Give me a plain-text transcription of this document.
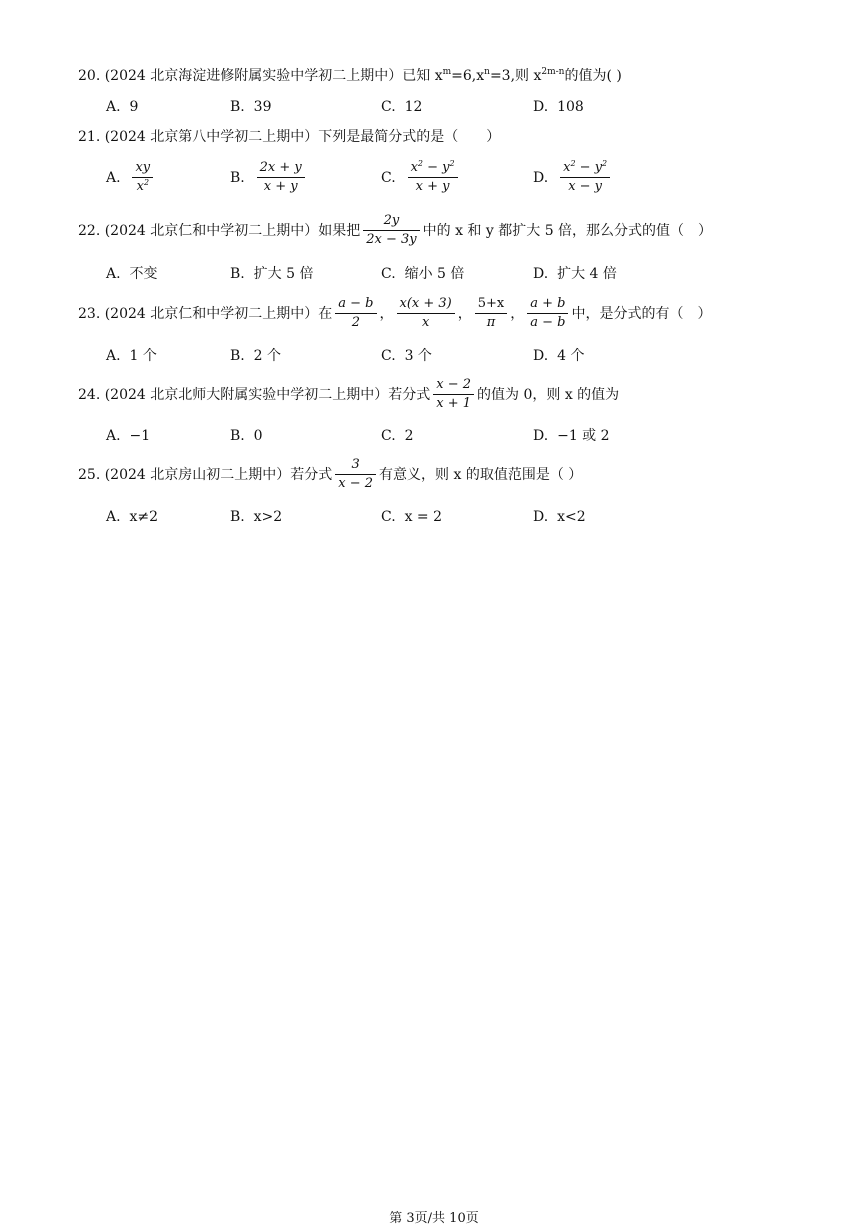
20. (2024 北京海淀进修附属实验中学初二上期中）已知 $x^m=6,x^n=3$,则 $x^{2m-n}$的值为( )
A. 9	B. 39	C. 12	D. 108
21. (2024 北京第八中学初二上期中）下列是最简分式的是（　　）
A. $\frac{xy}{x^2}$	B. $\frac{2x + y}{x + y}$	C. $\frac{x^2 - y^2}{x + y}$	D. $\frac{x^2 - y^2}{x - y}$
22. (2024 北京仁和中学初二上期中）如果把 $\frac{2y}{2x - 3y}$ 中的 x 和 y 都扩大 5 倍，那么分式的值（　）
A. 不变	B. 扩大 5 倍	C. 缩小 5 倍	D. 扩大 4 倍
23. (2024 北京仁和中学初二上期中）在 $\frac{a - b}{2}$ ， $\frac{x(x + 3)}{x}$ ， $\frac{5+x}{\pi}$ ， $\frac{a + b}{a - b}$ 中，是分式的有（　）
A. 1 个	B. 2 个	C. 3 个	D. 4 个
24. (2024 北京北师大附属实验中学初二上期中）若分式 $\frac{x - 2}{x + 1}$ 的值为 0，则 x 的值为
A. −1	B. 0	C. 2	D. −1 或 2
25. (2024 北京房山初二上期中）若分式 $\frac{3}{x - 2}$ 有意义，则 x 的取值范围是（ ）
A. x≠2	B. x>2	C. x = 2	D. x<2
第 3页/共 10页
